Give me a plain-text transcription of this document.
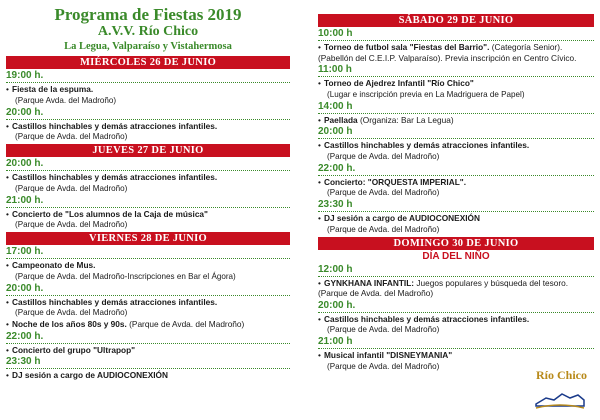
Programa de Fiestas 2019
A.V.V. Río Chico
La Legua, Valparaíso y Vistahermosa
MIÉRCOLES 26 DE JUNIO
19:00 h.
• Fiesta de la espuma.
(Parque Avda. del Madroño)
20:00 h.
• Castillos hinchables y demás atracciones infantiles.
(Parque de Avda. del Madroño)
JUEVES 27 DE JUNIO
20:00 h.
• Castillos hinchables y demás atracciones infantiles.
(Parque de Avda. del Madroño)
21:00 h.
• Concierto de "Los alumnos de la Caja de música"
(Parque de Avda. del Madroño)
VIERNES 28 DE JUNIO
17:00 h.
• Campeonato de Mus.
(Parque de Avda. del Madroño-Inscripciones en Bar el Ágora)
20:00 h.
• Castillos hinchables y demás atracciones infantiles.
(Parque de Avda. del Madroño)
• Noche de los años 80s y 90s. (Parque de Avda. del Madroño)
22:00 h.
• Concierto del grupo "Ultrapop"
23:30 h
• DJ sesión a cargo de AUDIOCONEXIÓN
SÁBADO 29 DE JUNIO
10:00 h
• Torneo de futbol sala "Fiestas del Barrio". (Categoría Senior). (Pabellón del C.E.I.P. Valparaíso). Previa inscripción en Centro Cívico.
11:00 h
• Torneo de Ajedrez Infantil "Río Chico"
(Lugar e inscripción previa en La Madriguera de Papel)
14:00 h
• Paellada (Organiza: Bar La Legua)
20:00 h
• Castillos hinchables y demás atracciones infantiles.
(Parque de Avda. del Madroño)
22:00 h.
• Concierto: "ORQUESTA IMPERIAL".
(Parque de Avda. del Madroño)
23:30 h
• DJ sesión a cargo de AUDIOCONEXIÓN
(Parque de Avda. del Madroño)
DOMINGO 30 DE JUNIO
DÍA DEL NIÑO
12:00 h
• GYNKHANA INFANTIL: Juegos populares y búsqueda del tesoro. (Parque de Avda. del Madroño)
20:00 h.
• Castillos hinchables y demás atracciones infantiles.
(Parque de Avda. del Madroño)
21:00 h
• Musical infantil "DISNEYMANIA"
(Parque de Avda. del Madroño)
Río Chico
